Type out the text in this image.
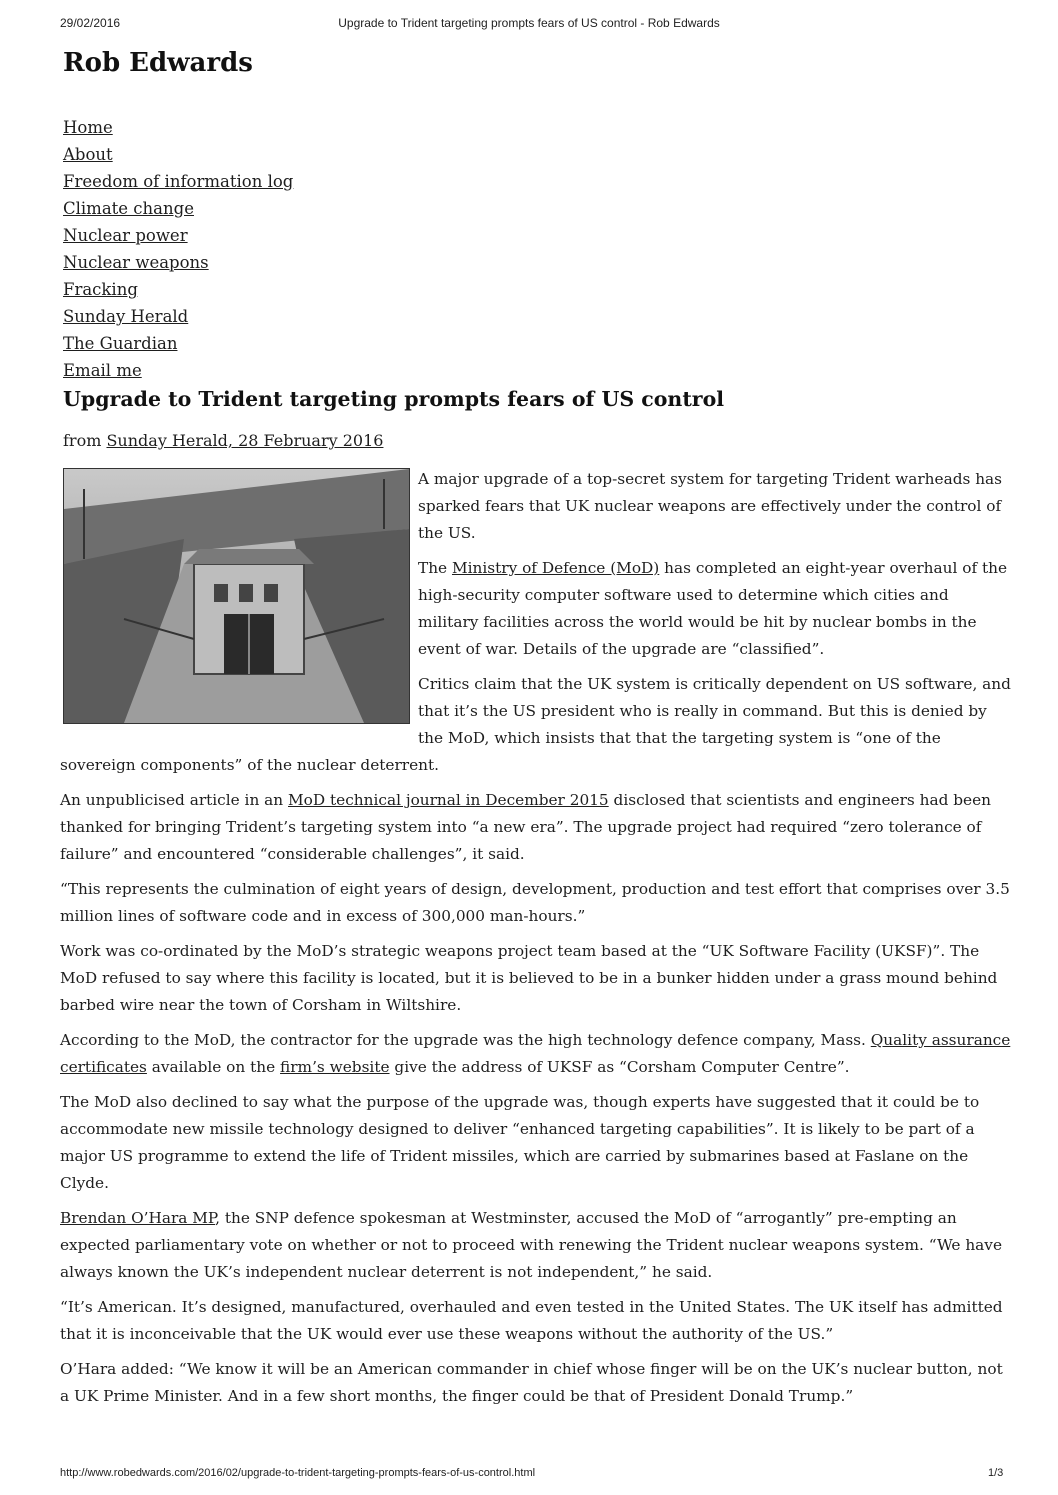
29/02/2016	Upgrade to Trident targeting prompts fears of US control - Rob Edwards
Rob Edwards
Home
About
Freedom of information log
Climate change
Nuclear power
Nuclear weapons
Fracking
Sunday Herald
The Guardian
Email me
Upgrade to Trident targeting prompts fears of US control
from Sunday Herald, 28 February 2016

A major upgrade of a top-secret system for targeting Trident warheads has sparked fears that UK nuclear weapons are effectively under the control of the US.

The Ministry of Defence (MoD) has completed an eight-year overhaul of the high-security computer software used to determine which cities and military facilities across the world would be hit by nuclear bombs in the event of war. Details of the upgrade are “classified”.

Critics claim that the UK system is critically dependent on US software, and that it’s the US president who is really in command. But this is denied by the MoD, which insists that that the targeting system is “one of the sovereign components” of the nuclear deterrent.

An unpublicised article in an MoD technical journal in December 2015 disclosed that scientists and engineers had been thanked for bringing Trident’s targeting system into “a new era”. The upgrade project had required “zero tolerance of failure” and encountered “considerable challenges”, it said.

“This represents the culmination of eight years of design, development, production and test effort that comprises over 3.5 million lines of software code and in excess of 300,000 man-hours.”

Work was co-ordinated by the MoD’s strategic weapons project team based at the “UK Software Facility (UKSF)”. The MoD refused to say where this facility is located, but it is believed to be in a bunker hidden under a grass mound behind barbed wire near the town of Corsham in Wiltshire.

According to the MoD, the contractor for the upgrade was the high technology defence company, Mass. Quality assurance certificates available on the firm’s website give the address of UKSF as “Corsham Computer Centre”.

The MoD also declined to say what the purpose of the upgrade was, though experts have suggested that it could be to accommodate new missile technology designed to deliver “enhanced targeting capabilities”. It is likely to be part of a major US programme to extend the life of Trident missiles, which are carried by submarines based at Faslane on the Clyde.

Brendan O’Hara MP, the SNP defence spokesman at Westminster, accused the MoD of “arrogantly” pre-empting an expected parliamentary vote on whether or not to proceed with renewing the Trident nuclear weapons system. “We have always known the UK’s independent nuclear deterrent is not independent,” he said.

“It’s American. It’s designed, manufactured, overhauled and even tested in the United States. The UK itself has admitted that it is inconceivable that the UK would ever use these weapons without the authority of the US.”

O’Hara added: “We know it will be an American commander in chief whose finger will be on the UK’s nuclear button, not a UK Prime Minister. And in a few short months, the finger could be that of President Donald Trump.”

http://www.robedwards.com/2016/02/upgrade-to-trident-targeting-prompts-fears-of-us-control.html	1/3
